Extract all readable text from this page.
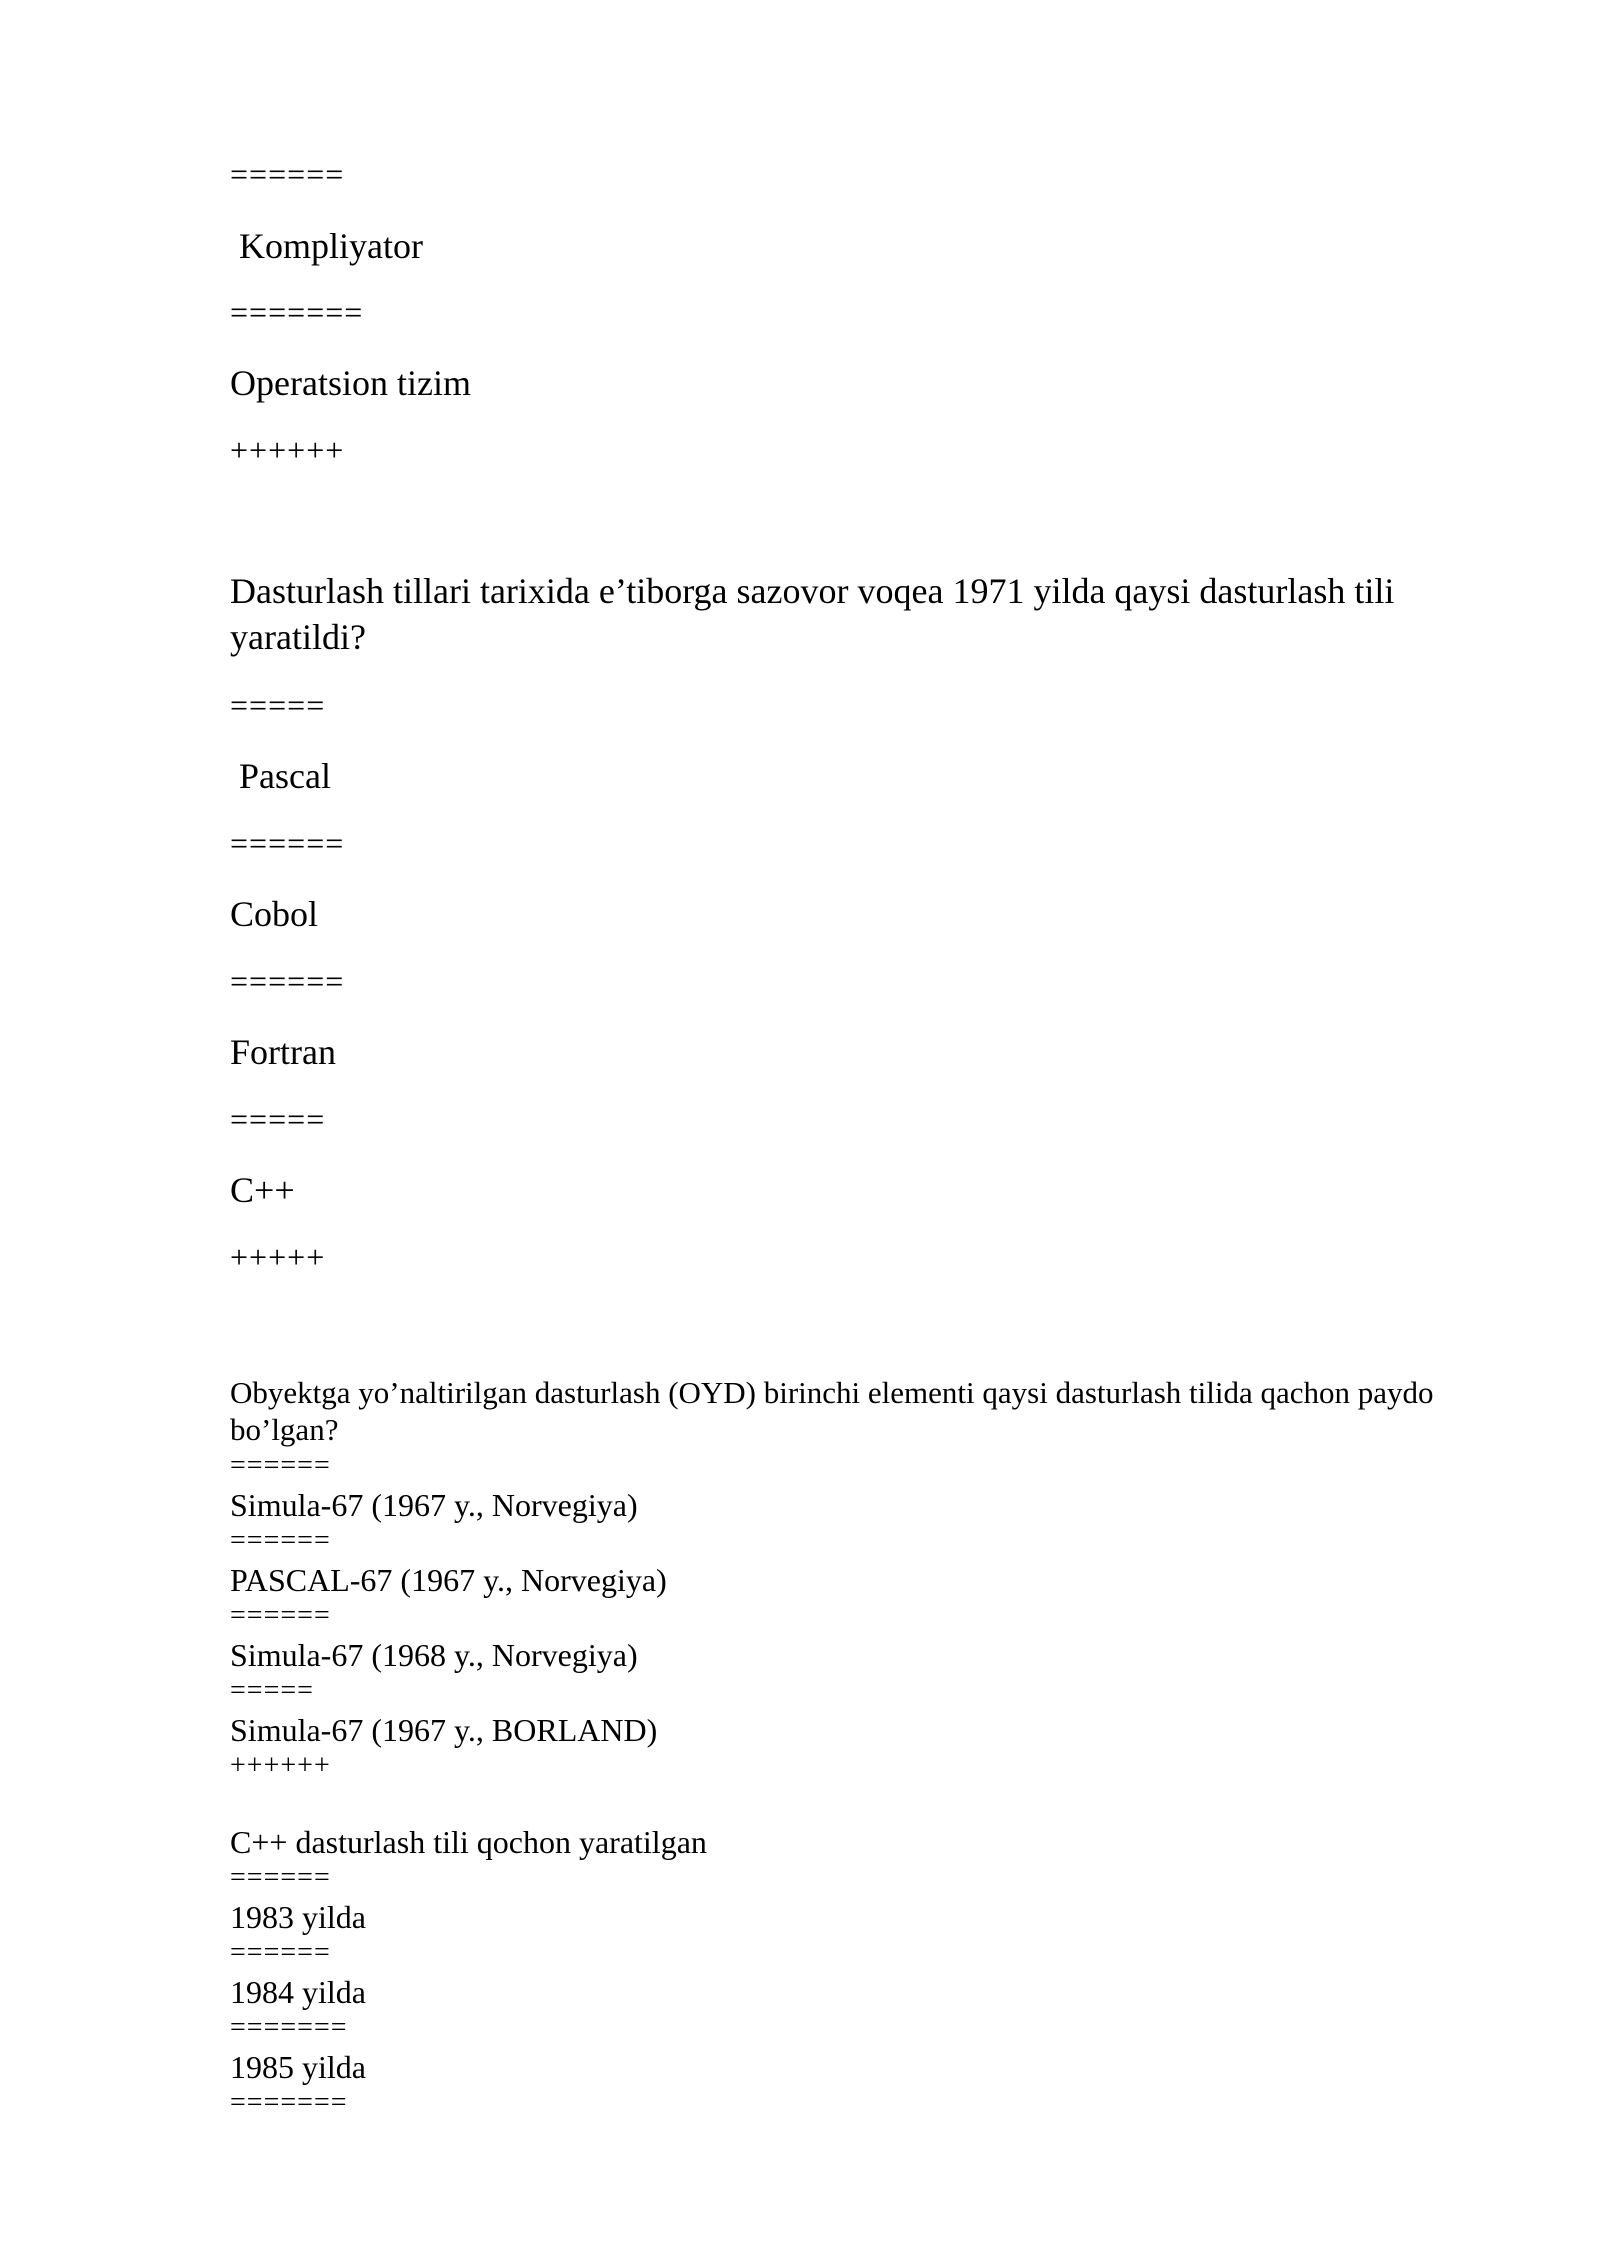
======
Kompliyator
=======
Operatsion tizim
++++++
Dasturlash tillari tarixida e’tiborga sazovor voqea 1971 yilda qaysi dasturlash tili yaratildi?
=====
Pascal
======
Cobol
======
Fortran
=====
C++
+++++
Obyektga yo’naltirilgan dasturlash (OYD) birinchi elementi qaysi dasturlash tilida qachon paydo bo’lgan?
======
Simula-67 (1967 y., Norvegiya)
======
PASCAL-67 (1967 y., Norvegiya)
======
Simula-67 (1968 y., Norvegiya)
=====
Simula-67 (1967 y., BORLAND)
++++++
C++ dasturlash tili qochon yaratilgan
======
1983 yilda
======
1984 yilda
=======
1985 yilda
=======
